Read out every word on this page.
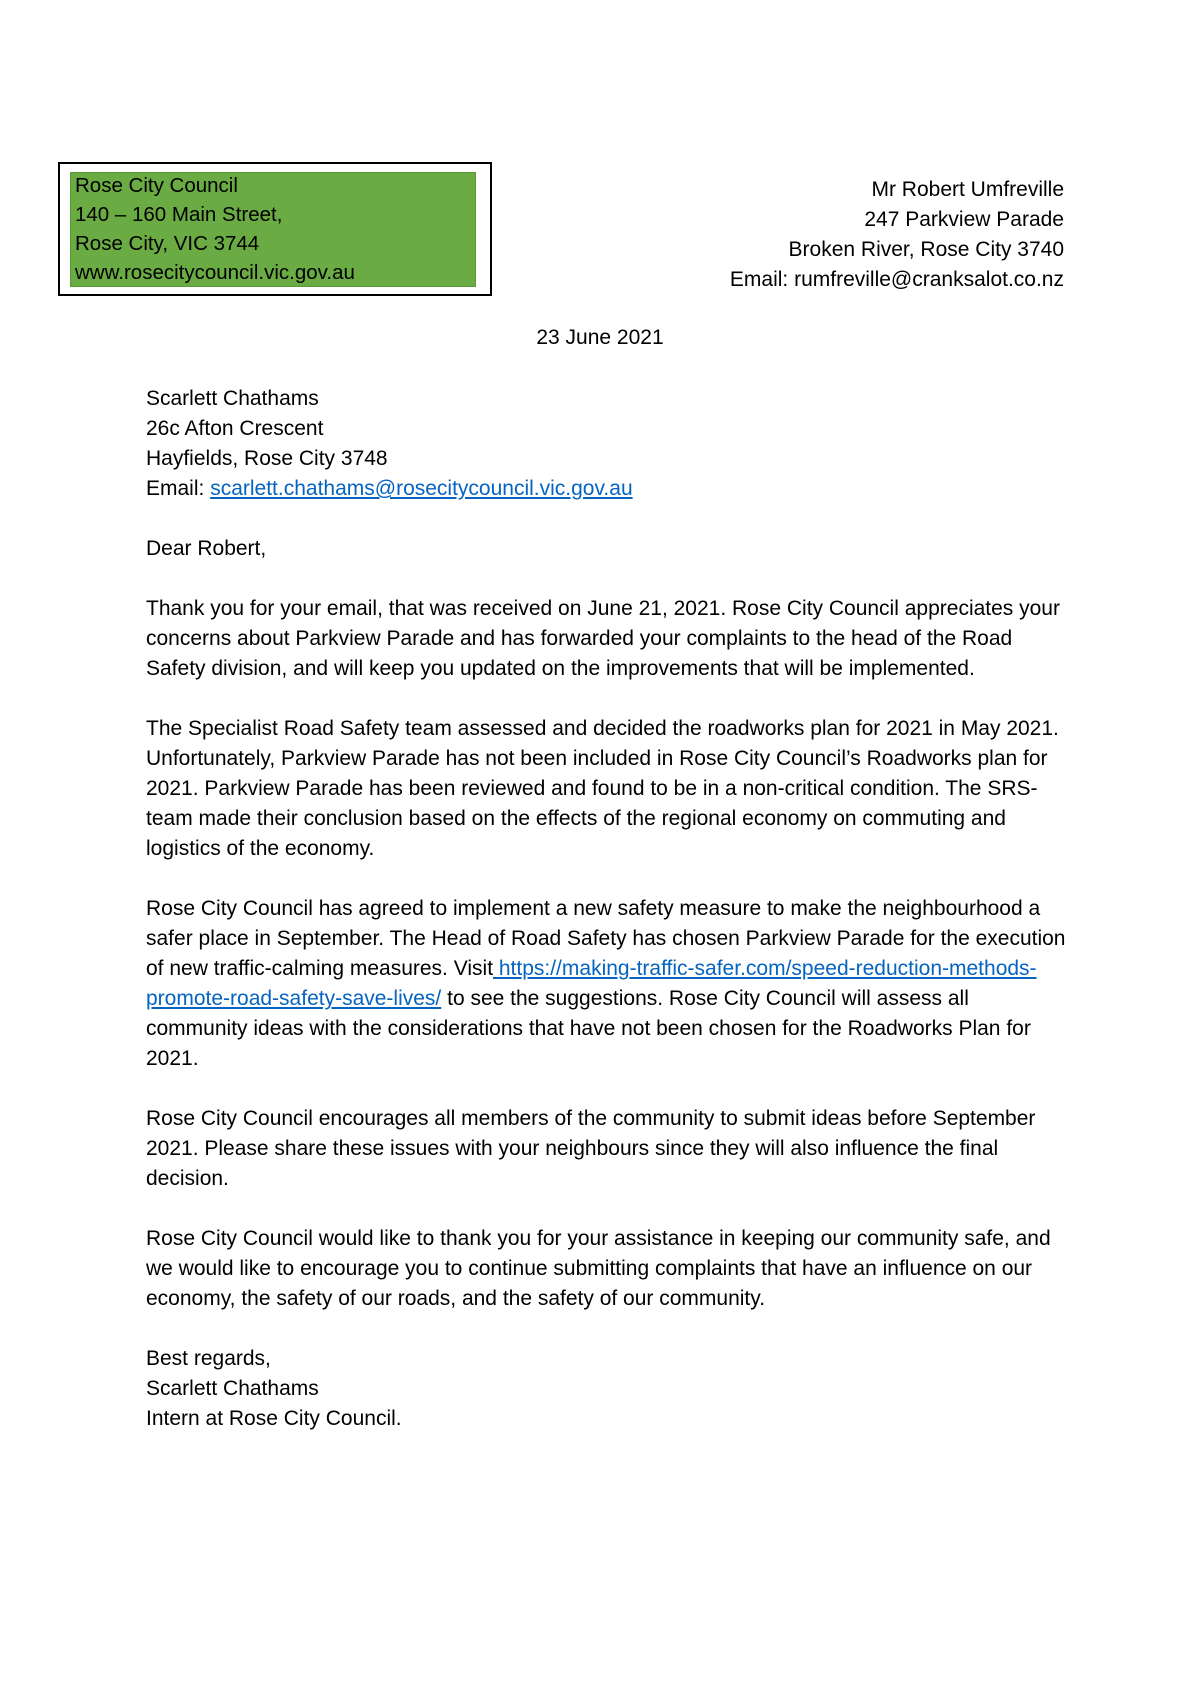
Rose City Council
140 – 160 Main Street,
Rose City, VIC 3744
www.rosecitycouncil.vic.gov.au
Mr Robert Umfreville
247 Parkview Parade
Broken River, Rose City 3740
Email: rumfreville@cranksalot.co.nz
23 June 2021
Scarlett Chathams
26c Afton Crescent
Hayfields, Rose City 3748
Email: scarlett.chathams@rosecitycouncil.vic.gov.au

Dear Robert,

Thank you for your email, that was received on June 21, 2021. Rose City Council appreciates your concerns about Parkview Parade and has forwarded your complaints to the head of the Road Safety division, and will keep you updated on the improvements that will be implemented.

The Specialist Road Safety team assessed and decided the roadworks plan for 2021 in May 2021. Unfortunately, Parkview Parade has not been included in Rose City Council’s Roadworks plan for 2021. Parkview Parade has been reviewed and found to be in a non-critical condition. The SRS-team made their conclusion based on the effects of the regional economy on commuting and logistics of the economy.

Rose City Council has agreed to implement a new safety measure to make the neighbourhood a safer place in September. The Head of Road Safety has chosen Parkview Parade for the execution of new traffic-calming measures. Visit https://making-traffic-safer.com/speed-reduction-methods-promote-road-safety-save-lives/ to see the suggestions. Rose City Council will assess all community ideas with the considerations that have not been chosen for the Roadworks Plan for 2021.

Rose City Council encourages all members of the community to submit ideas before September 2021. Please share these issues with your neighbours since they will also influence the final decision.

Rose City Council would like to thank you for your assistance in keeping our community safe, and we would like to encourage you to continue submitting complaints that have an influence on our economy, the safety of our roads, and the safety of our community.

Best regards,
Scarlett Chathams
Intern at Rose City Council.
